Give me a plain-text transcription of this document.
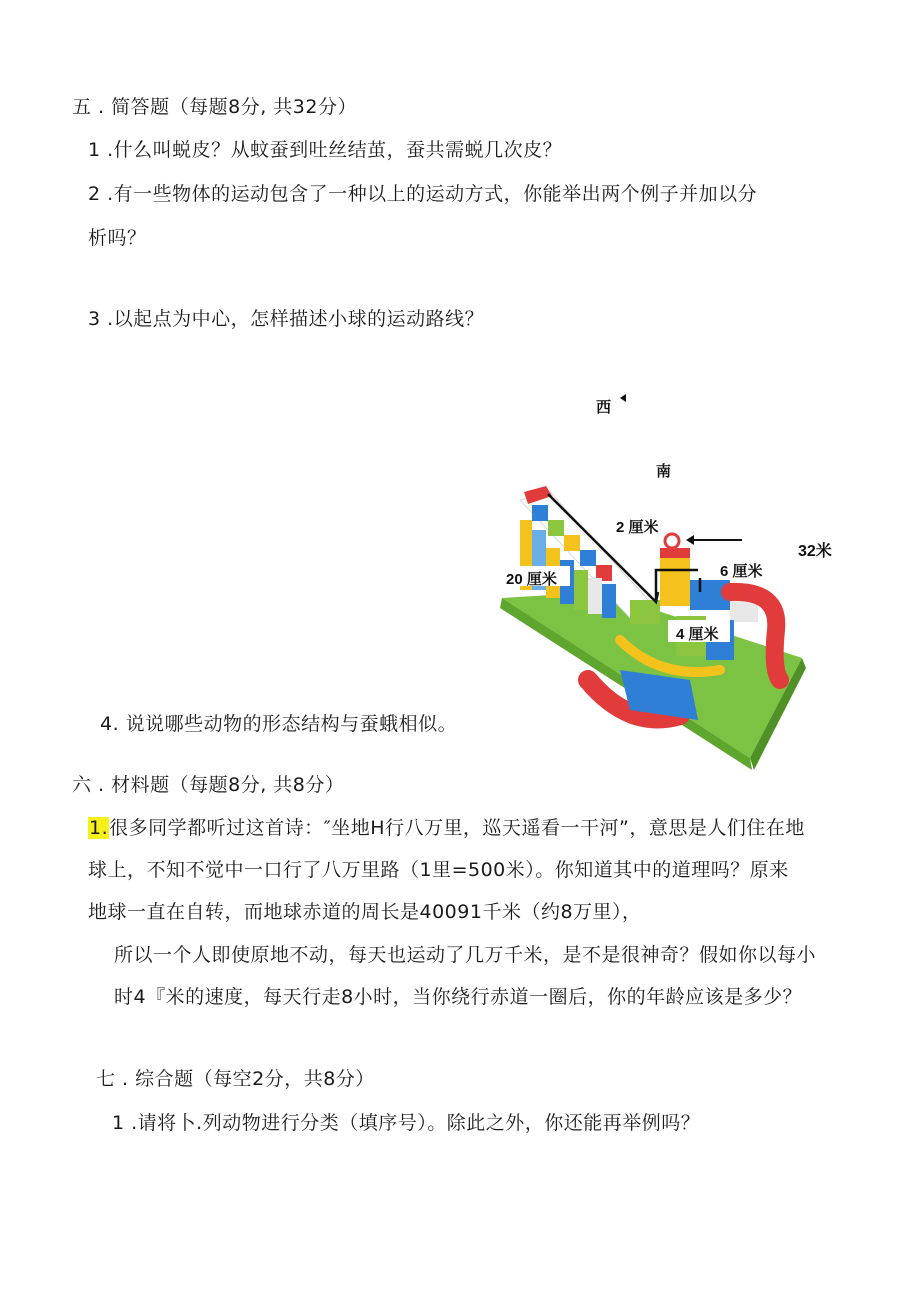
五 . 简答题（每题8分, 共32分）
1 .什么叫蜕皮？从蚊蚕到吐丝结茧，蚕共需蜕几次皮？
2 .有一些物体的运动包含了一种以上的运动方式，你能举出两个例子并加以分
析吗？
3 .以起点为中心，怎样描述小球的运动路线？
西
南
2 厘米
32米
20 厘米	6 厘米
4 厘米
4. 说说哪些动物的形态结构与蚕蛾相似。
六 . 材料题（每题8分, 共8分）
1.很多同学都听过这首诗：″坐地H行八万里，巡天遥看一干河”，意思是人们住在地
球上，不知不觉中一口行了八万里路（1里=500米）。你知道其中的道理吗？原来
地球一直在自转，而地球赤道的周长是40091千米（约8万里），
所以一个人即使原地不动，每天也运动了几万千米，是不是很神奇？假如你以每小
时4『米的速度，每天行走8小时，当你绕行赤道一圈后，你的年龄应该是多少？
七 . 综合题（每空2分，共8分）
1 .请将卜.列动物进行分类（填序号）。除此之外，你还能再举例吗？
